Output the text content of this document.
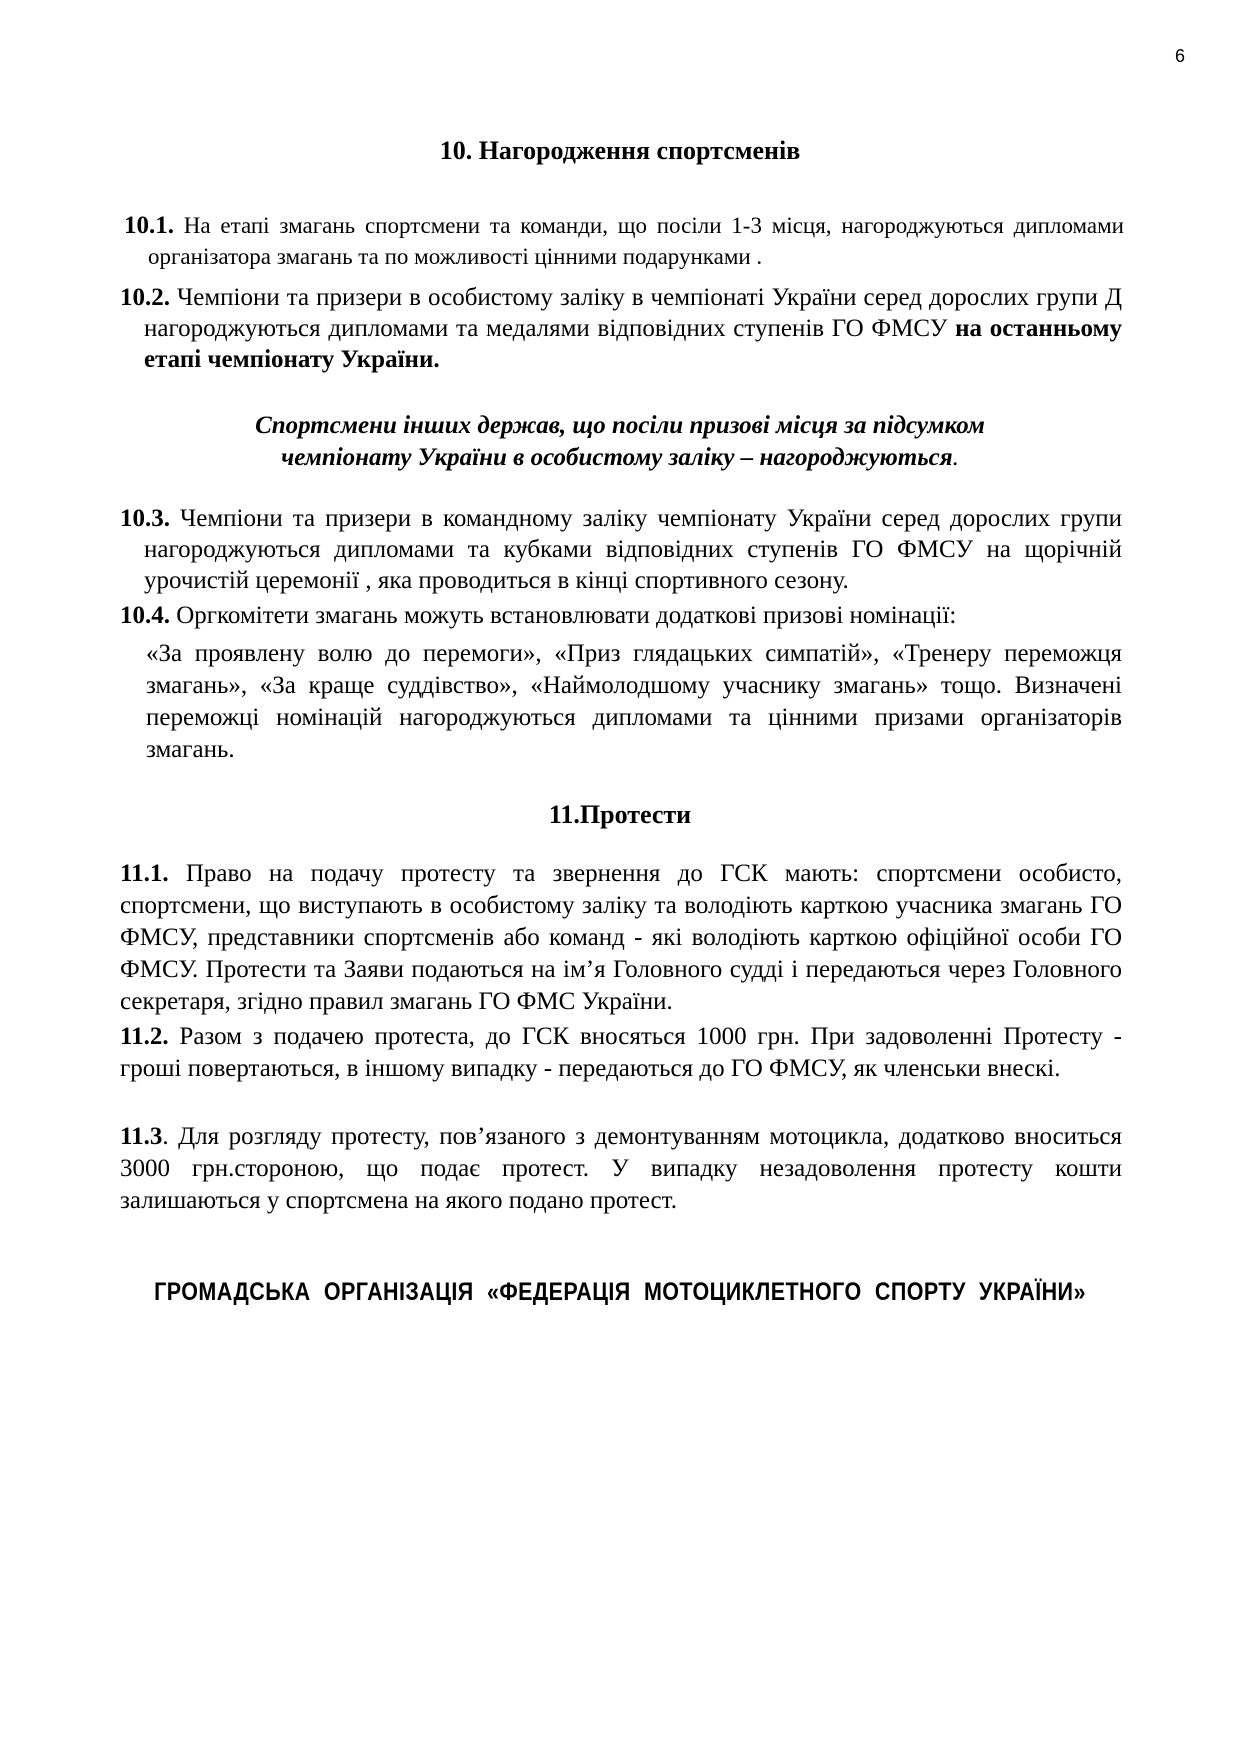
6
10. Нагородження спортсменів
10.1. На етапі змагань спортсмени та команди, що посіли 1-3 місця, нагороджуються дипломами організатора змагань та по можливості цінними подарунками .
10.2. Чемпіони та призери в особистому заліку в чемпіонаті України серед дорослих групи Д нагороджуються дипломами та медалями відповідних ступенів ГО ФМСУ на останньому етапі чемпіонату України.
Спортсмени інших держав, що посіли призові місця за підсумком
чемпіонату України в особистому заліку – нагороджуються.
10.3. Чемпіони та призери в командному заліку чемпіонату України серед дорослих групи нагороджуються дипломами та кубками відповідних ступенів ГО ФМСУ на щорічній урочистій церемонії , яка проводиться в кінці спортивного сезону.
10.4. Оргкомітети змагань можуть встановлювати додаткові призові номінації:
«За проявлену волю до перемоги», «Приз глядацьких симпатій», «Тренеру переможця змагань», «За краще суддівство», «Наймолодшому учаснику змагань» тощо. Визначені переможці номінацій нагороджуються дипломами та цінними призами організаторів змагань.
11.Протести
11.1. Право на подачу протесту та звернення до ГСК мають: спортсмени особисто, спортсмени, що виступають в особистому заліку та володіють карткою учасника змагань ГО ФМСУ, представники спортсменів або команд - які володіють карткою офіційної особи ГО ФМСУ. Протести та Заяви подаються на ім’я Головного судді і передаються через Головного секретаря, згідно правил змагань ГО ФМС України.
11.2. Разом з подачею протеста, до ГСК вносяться 1000 грн. При задоволенні Протесту - гроші повертаються, в іншому випадку - передаються до ГО ФМСУ, як членськи внескі.
11.3. Для розгляду протесту, пов’язаного з демонтуванням мотоцикла, додатково вноситься 3000 грн.стороною, що подає протест. У випадку незадоволення протесту кошти залишаються у спортсмена на якого подано протест.
ГРОМАДСЬКА ОРГАНІЗАЦІЯ «ФЕДЕРАЦІЯ МОТОЦИКЛЕТНОГО СПОРТУ УКРАЇНИ»
